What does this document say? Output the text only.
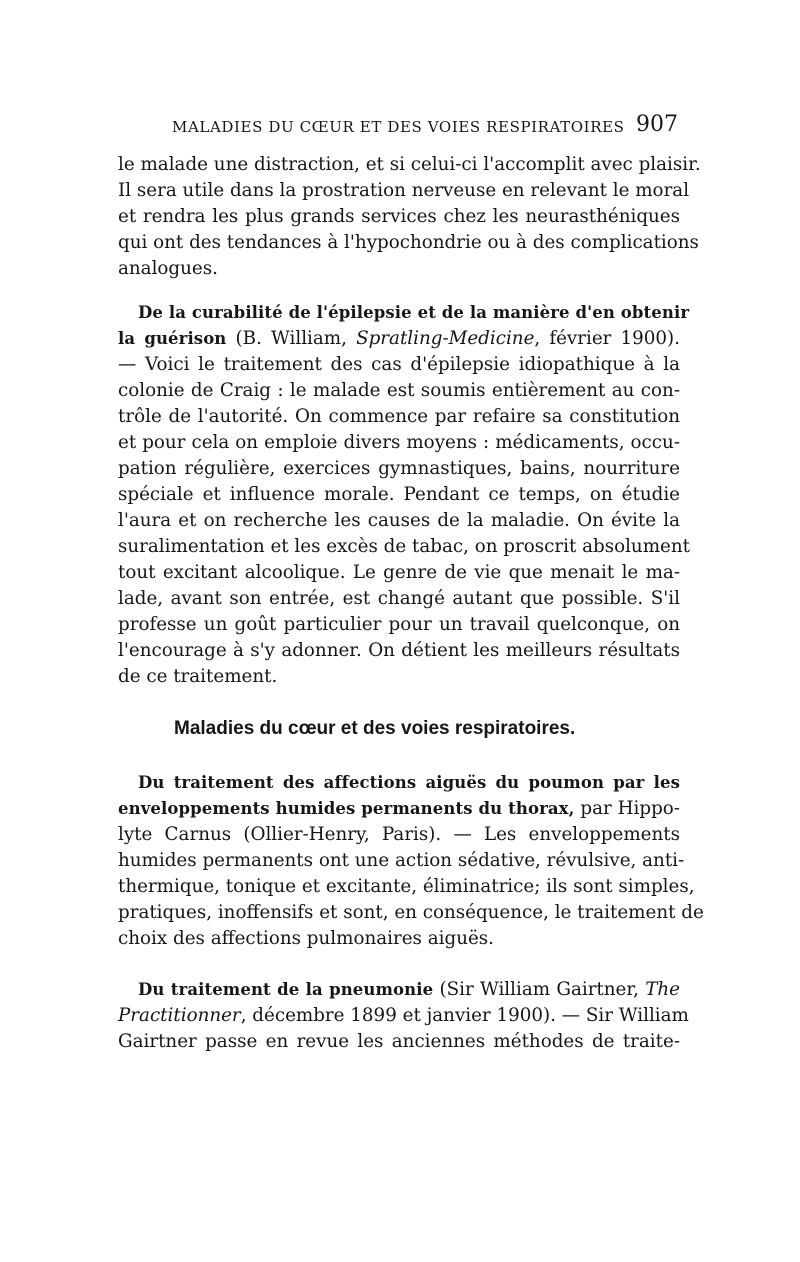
MALADIES DU CŒUR ET DES VOIES RESPIRATOIRES 907
le malade une distraction, et si celui-ci l'accomplit avec plaisir.
Il sera utile dans la prostration nerveuse en relevant le moral
et rendra les plus grands services chez les neurasthéniques
qui ont des tendances à l'hypochondrie ou à des complications
analogues.
De la curabilité de l'épilepsie et de la manière d'en obtenir
la guérison (B. William, Spratling-Medicine, février 1900).
— Voici le traitement des cas d'épilepsie idiopathique à la
colonie de Craig : le malade est soumis entièrement au con-
trôle de l'autorité. On commence par refaire sa constitution
et pour cela on emploie divers moyens : médicaments, occu-
pation régulière, exercices gymnastiques, bains, nourriture
spéciale et influence morale. Pendant ce temps, on étudie
l'aura et on recherche les causes de la maladie. On évite la
suralimentation et les excès de tabac, on proscrit absolument
tout excitant alcoolique. Le genre de vie que menait le ma-
lade, avant son entrée, est changé autant que possible. S'il
professe un goût particulier pour un travail quelconque, on
l'encourage à s'y adonner. On détient les meilleurs résultats
de ce traitement.
Maladies du cœur et des voies respiratoires.
Du traitement des affections aiguës du poumon par les
enveloppements humides permanents du thorax, par Hippo-
lyte Carnus (Ollier-Henry, Paris). — Les enveloppements
humides permanents ont une action sédative, révulsive, anti-
thermique, tonique et excitante, éliminatrice; ils sont simples,
pratiques, inoffensifs et sont, en conséquence, le traitement de
choix des affections pulmonaires aiguës.
Du traitement de la pneumonie (Sir William Gairtner, The
Practitionner, décembre 1899 et janvier 1900). — Sir William
Gairtner passe en revue les anciennes méthodes de traite-
